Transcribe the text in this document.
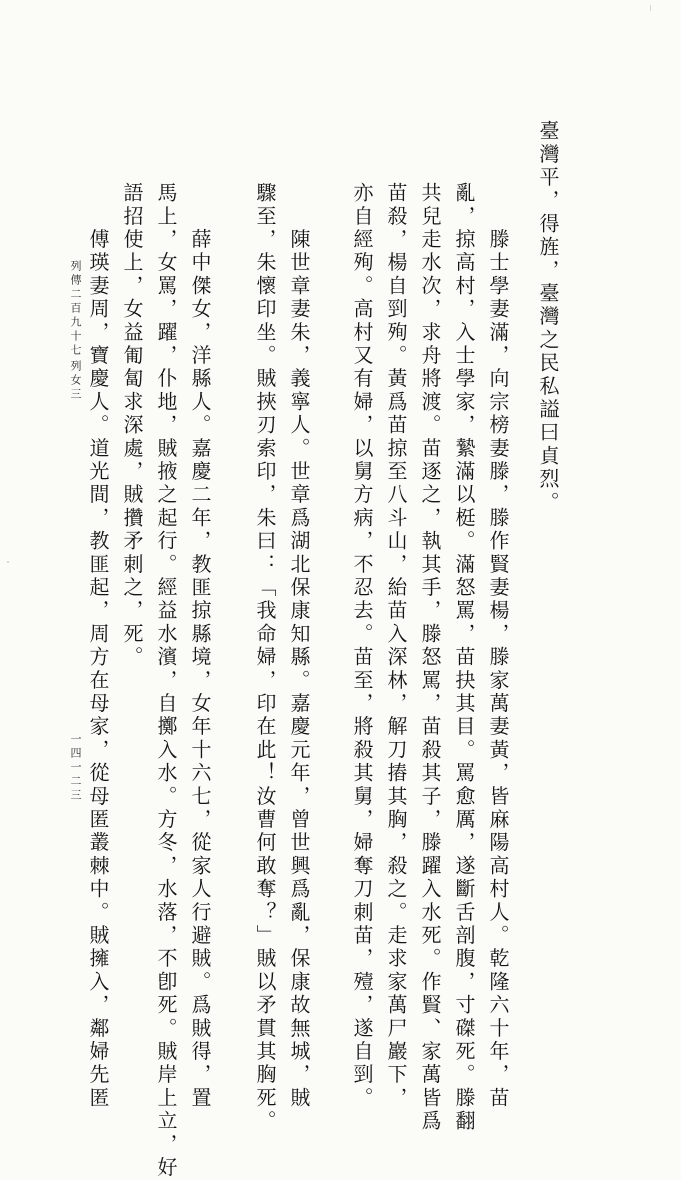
臺灣平，得旌，臺灣之民私謚曰貞烈。

　　滕士學妻滿，向宗榜妻滕，滕作賢妻楊，滕家萬妻黃，皆麻陽高村人。乾隆六十年，苗

亂，掠高村，入士學家，縶滿以梃。滿怒罵，苗抉其目。罵愈厲，遂斷舌剖腹，寸磔死。滕翻

共兒走水次，求舟將渡。苗逐之，執其手，滕怒罵，苗殺其子，滕躍入水死。作賢、家萬皆爲

苗殺，楊自剄殉。黃爲苗掠至八斗山，紿苗入深林，解刀摏其胸，殺之。走求家萬尸巖下，

亦自經殉。高村又有婦，以舅方病，不忍去。苗至，將殺其舅，婦奪刀刺苗，殪，遂自剄。

　　陳世章妻朱，義寧人。世章爲湖北保康知縣。嘉慶元年，曾世興爲亂，保康故無城，賊

驟至，朱懷印坐。賊挾刃索印，朱曰：「我命婦，印在此！汝曹何敢奪？」賊以矛貫其胸死。

　　薛中傑女，洋縣人。嘉慶二年，教匪掠縣境，女年十六七，從家人行避賊。爲賊得，置

馬上，女罵，躍，仆地，賊掖之起行。經益水濱，自擲入水。方冬，水落，不卽死。賊岸上立，好

語招使上，女益匍匐求深處，賊攢矛刺之，死。

　　傅瑛妻周，寶慶人。道光間，教匪起，周方在母家，從母匿叢棘中。賊擁入，鄰婦先匿

列傳二百九十七
列女三
一四一二三
